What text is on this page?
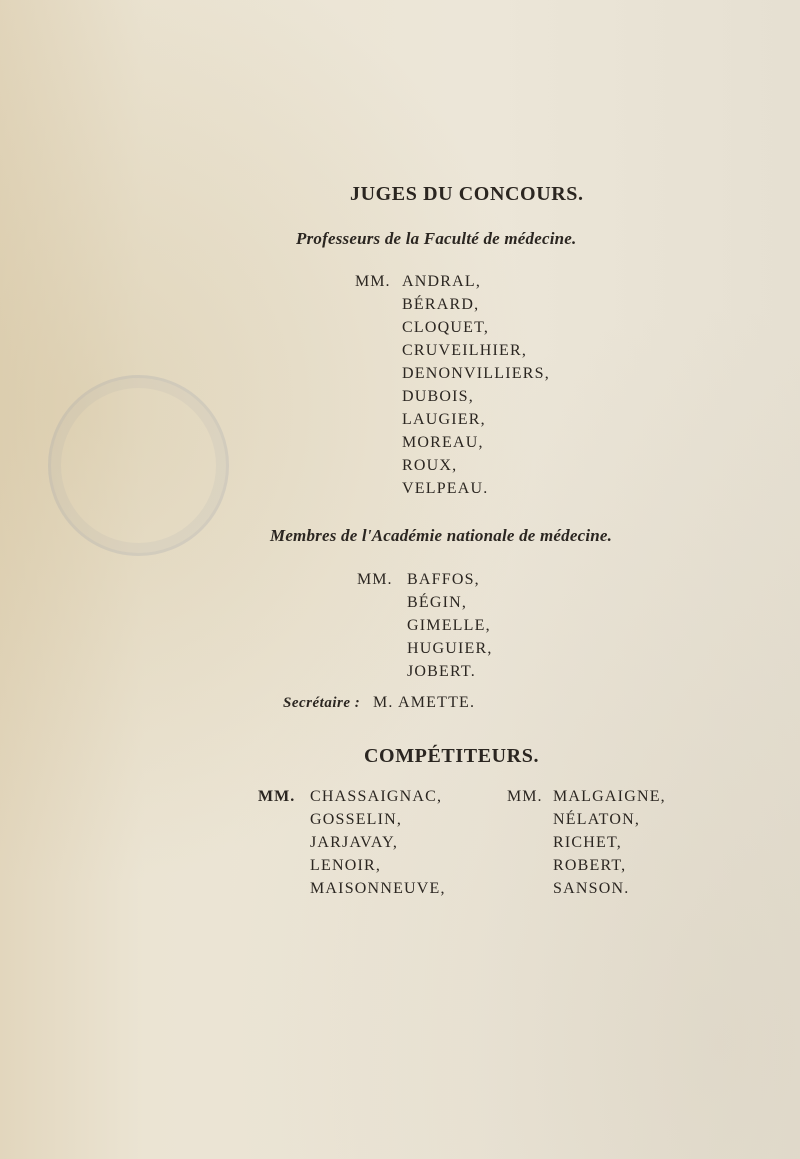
JUGES DU CONCOURS.
Professeurs de la Faculté de médecine.
MM. ANDRAL,
BÉRARD,
CLOQUET,
CRUVEILHIER,
DENONVILLIERS,
DUBOIS,
LAUGIER,
MOREAU,
ROUX,
VELPEAU.
Membres de l'Académie nationale de médecine.
MM. BAFFOS,
BÉGIN,
GIMELLE,
HUGUIER,
JOBERT.
Secrétaire : M. AMETTE.
COMPÉTITEURS.
MM. CHASSAIGNAC,
GOSSELIN,
JARJAVAY,
LENOIR,
MAISONNEUVE,
MM. MALGAIGNE,
NÉLATON,
RICHET,
ROBERT,
SANSON.
